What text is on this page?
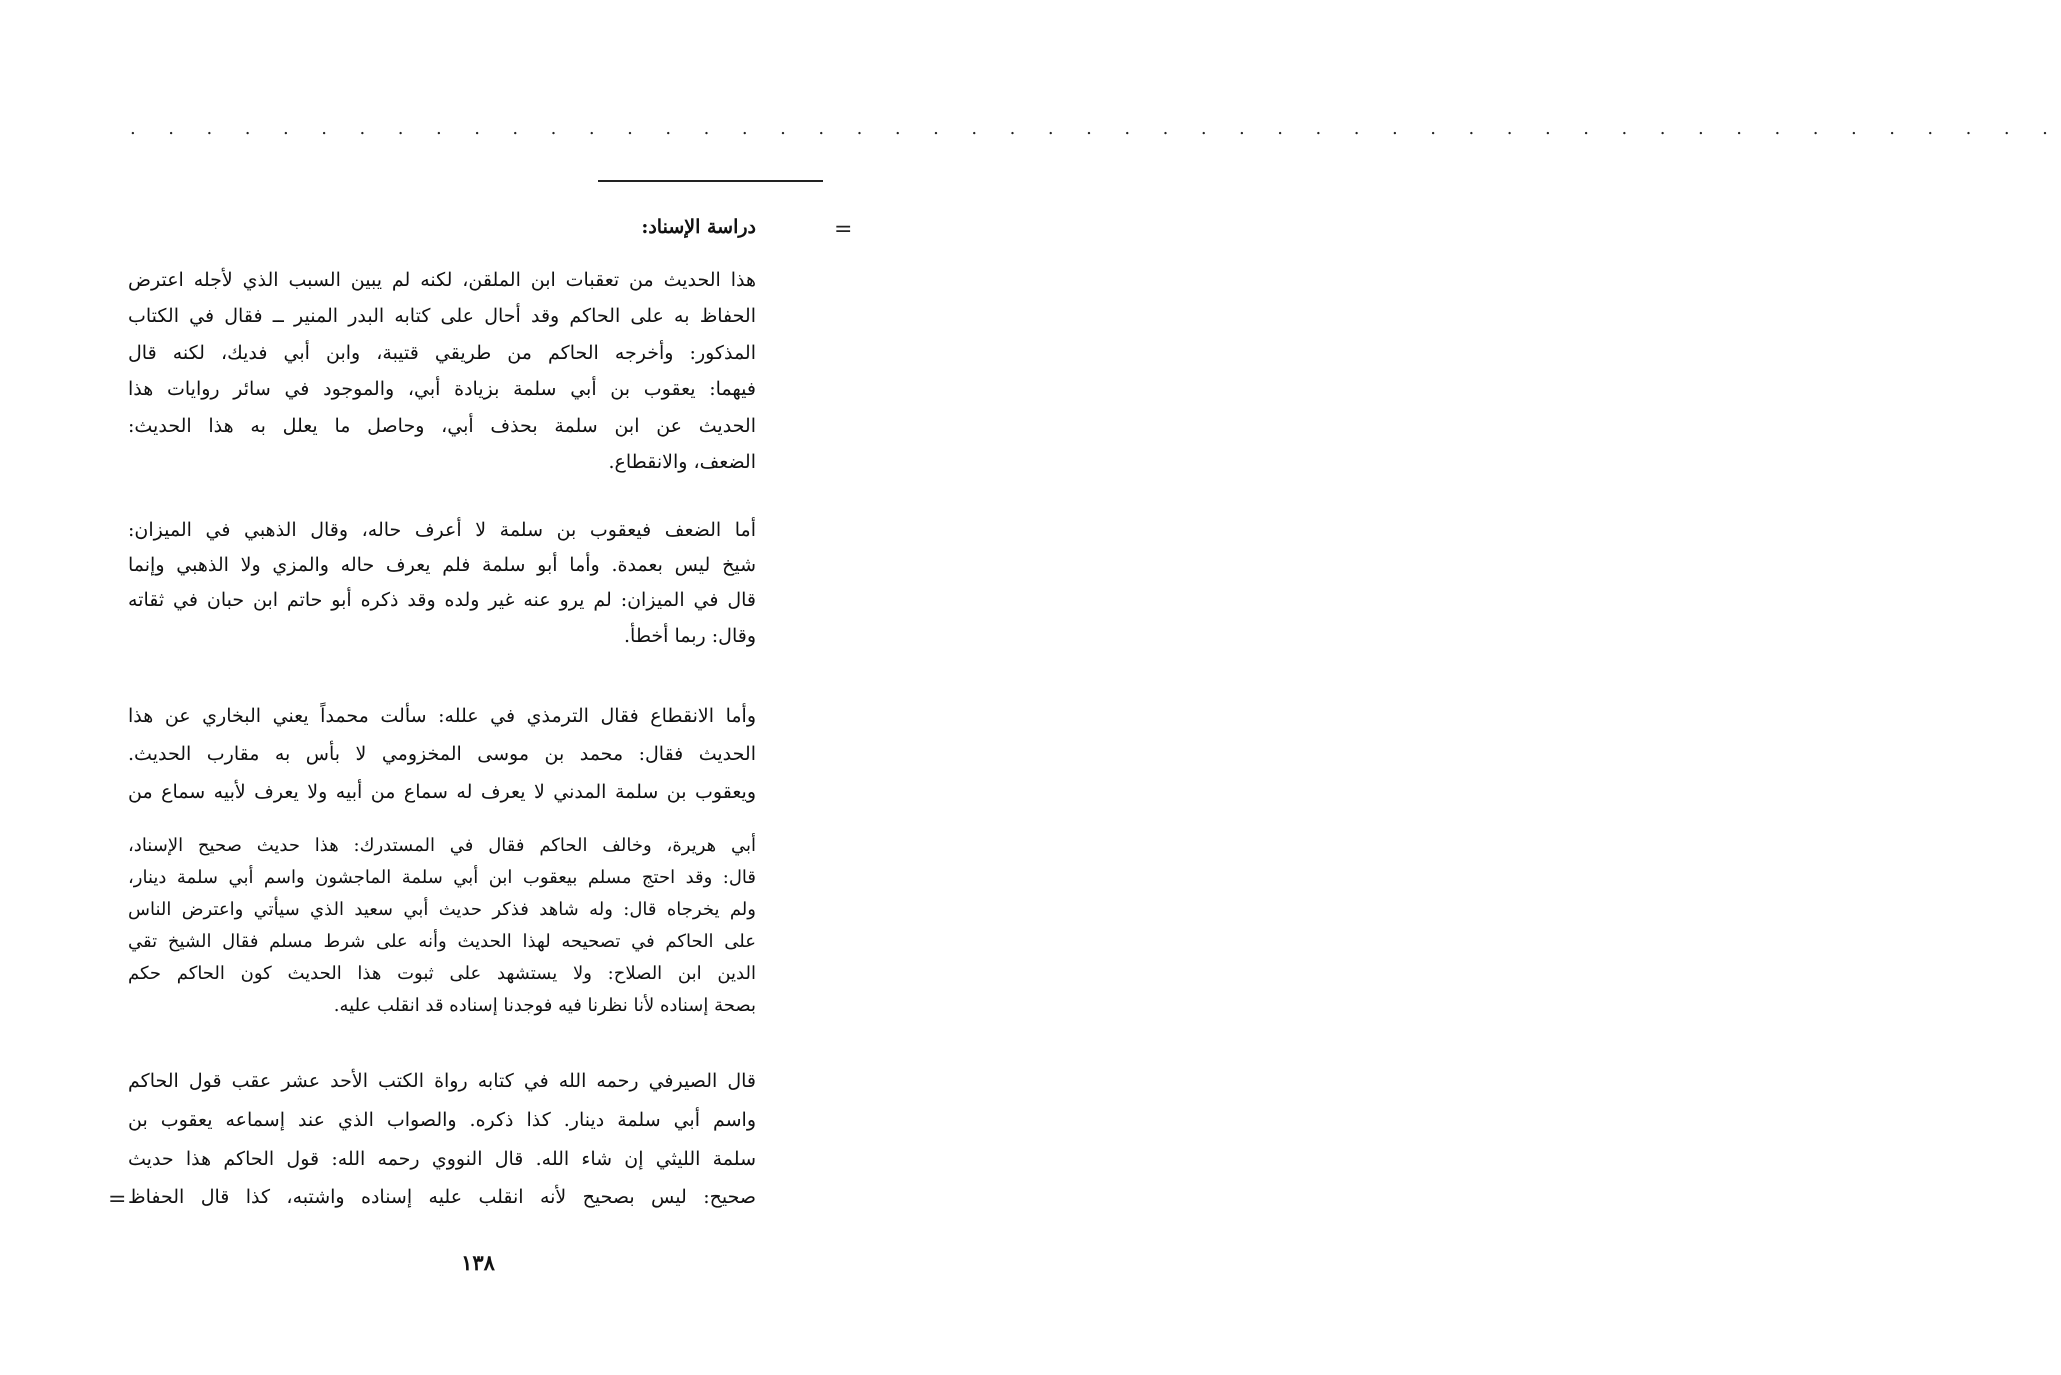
. . . . . . . . . . . . . . . . . . . . . . . . . . . . . . . . . . . . . . . . . . . . . . . . . . .
=
دراسة الإسناد:
هذا الحديث من تعقبات ابن الملقن، لكنه لم يبين السبب الذي لأجله اعترض
الحفاظ به على الحاكم وقد أحال على كتابه البدر المنير ــ فقال في الكتاب
المذكور: وأخرجه الحاكم من طريقي قتيبة، وابن أبي فديك، لكنه قال
فيهما: يعقوب بن أبي سلمة بزيادة أبي، والموجود في سائر روايات هذا
الحديث عن ابن سلمة بحذف أبي، وحاصل ما يعلل به هذا الحديث:
الضعف، والانقطاع.
أما الضعف فيعقوب بن سلمة لا أعرف حاله، وقال الذهبي في الميزان:
شيخ ليس بعمدة. وأما أبو سلمة فلم يعرف حاله والمزي ولا الذهبي وإنما
قال في الميزان: لم يرو عنه غير ولده وقد ذكره أبو حاتم ابن حبان في ثقاته
وقال: ربما أخطأ.
وأما الانقطاع فقال الترمذي في علله: سألت محمداً يعني البخاري عن هذا
الحديث فقال: محمد بن موسى المخزومي لا بأس به مقارب الحديث.
ويعقوب بن سلمة المدني لا يعرف له سماع من أبيه ولا يعرف لأبيه سماع من
أبي هريرة، وخالف الحاكم فقال في المستدرك: هذا حديث صحيح الإسناد،
قال: وقد احتج مسلم بيعقوب ابن أبي سلمة الماجشون واسم أبي سلمة دينار،
ولم يخرجاه قال: وله شاهد فذكر حديث أبي سعيد الذي سيأتي واعترض الناس
على الحاكم في تصحيحه لهذا الحديث وأنه على شرط مسلم فقال الشيخ تقي
الدين ابن الصلاح: ولا يستشهد على ثبوت هذا الحديث كون الحاكم حكم
بصحة إسناده لأنا نظرنا فيه فوجدنا إسناده قد انقلب عليه.
قال الصيرفي رحمه الله في كتابه رواة الكتب الأحد عشر عقب قول الحاكم
واسم أبي سلمة دينار. كذا ذكره. والصواب الذي عند إسماعه يعقوب بن
سلمة الليثي إن شاء الله. قال النووي رحمه الله: قول الحاكم هذا حديث
صحيح: ليس بصحيح لأنه انقلب عليه إسناده واشتبه، كذا قال الحفاظ
=
١٣٨
